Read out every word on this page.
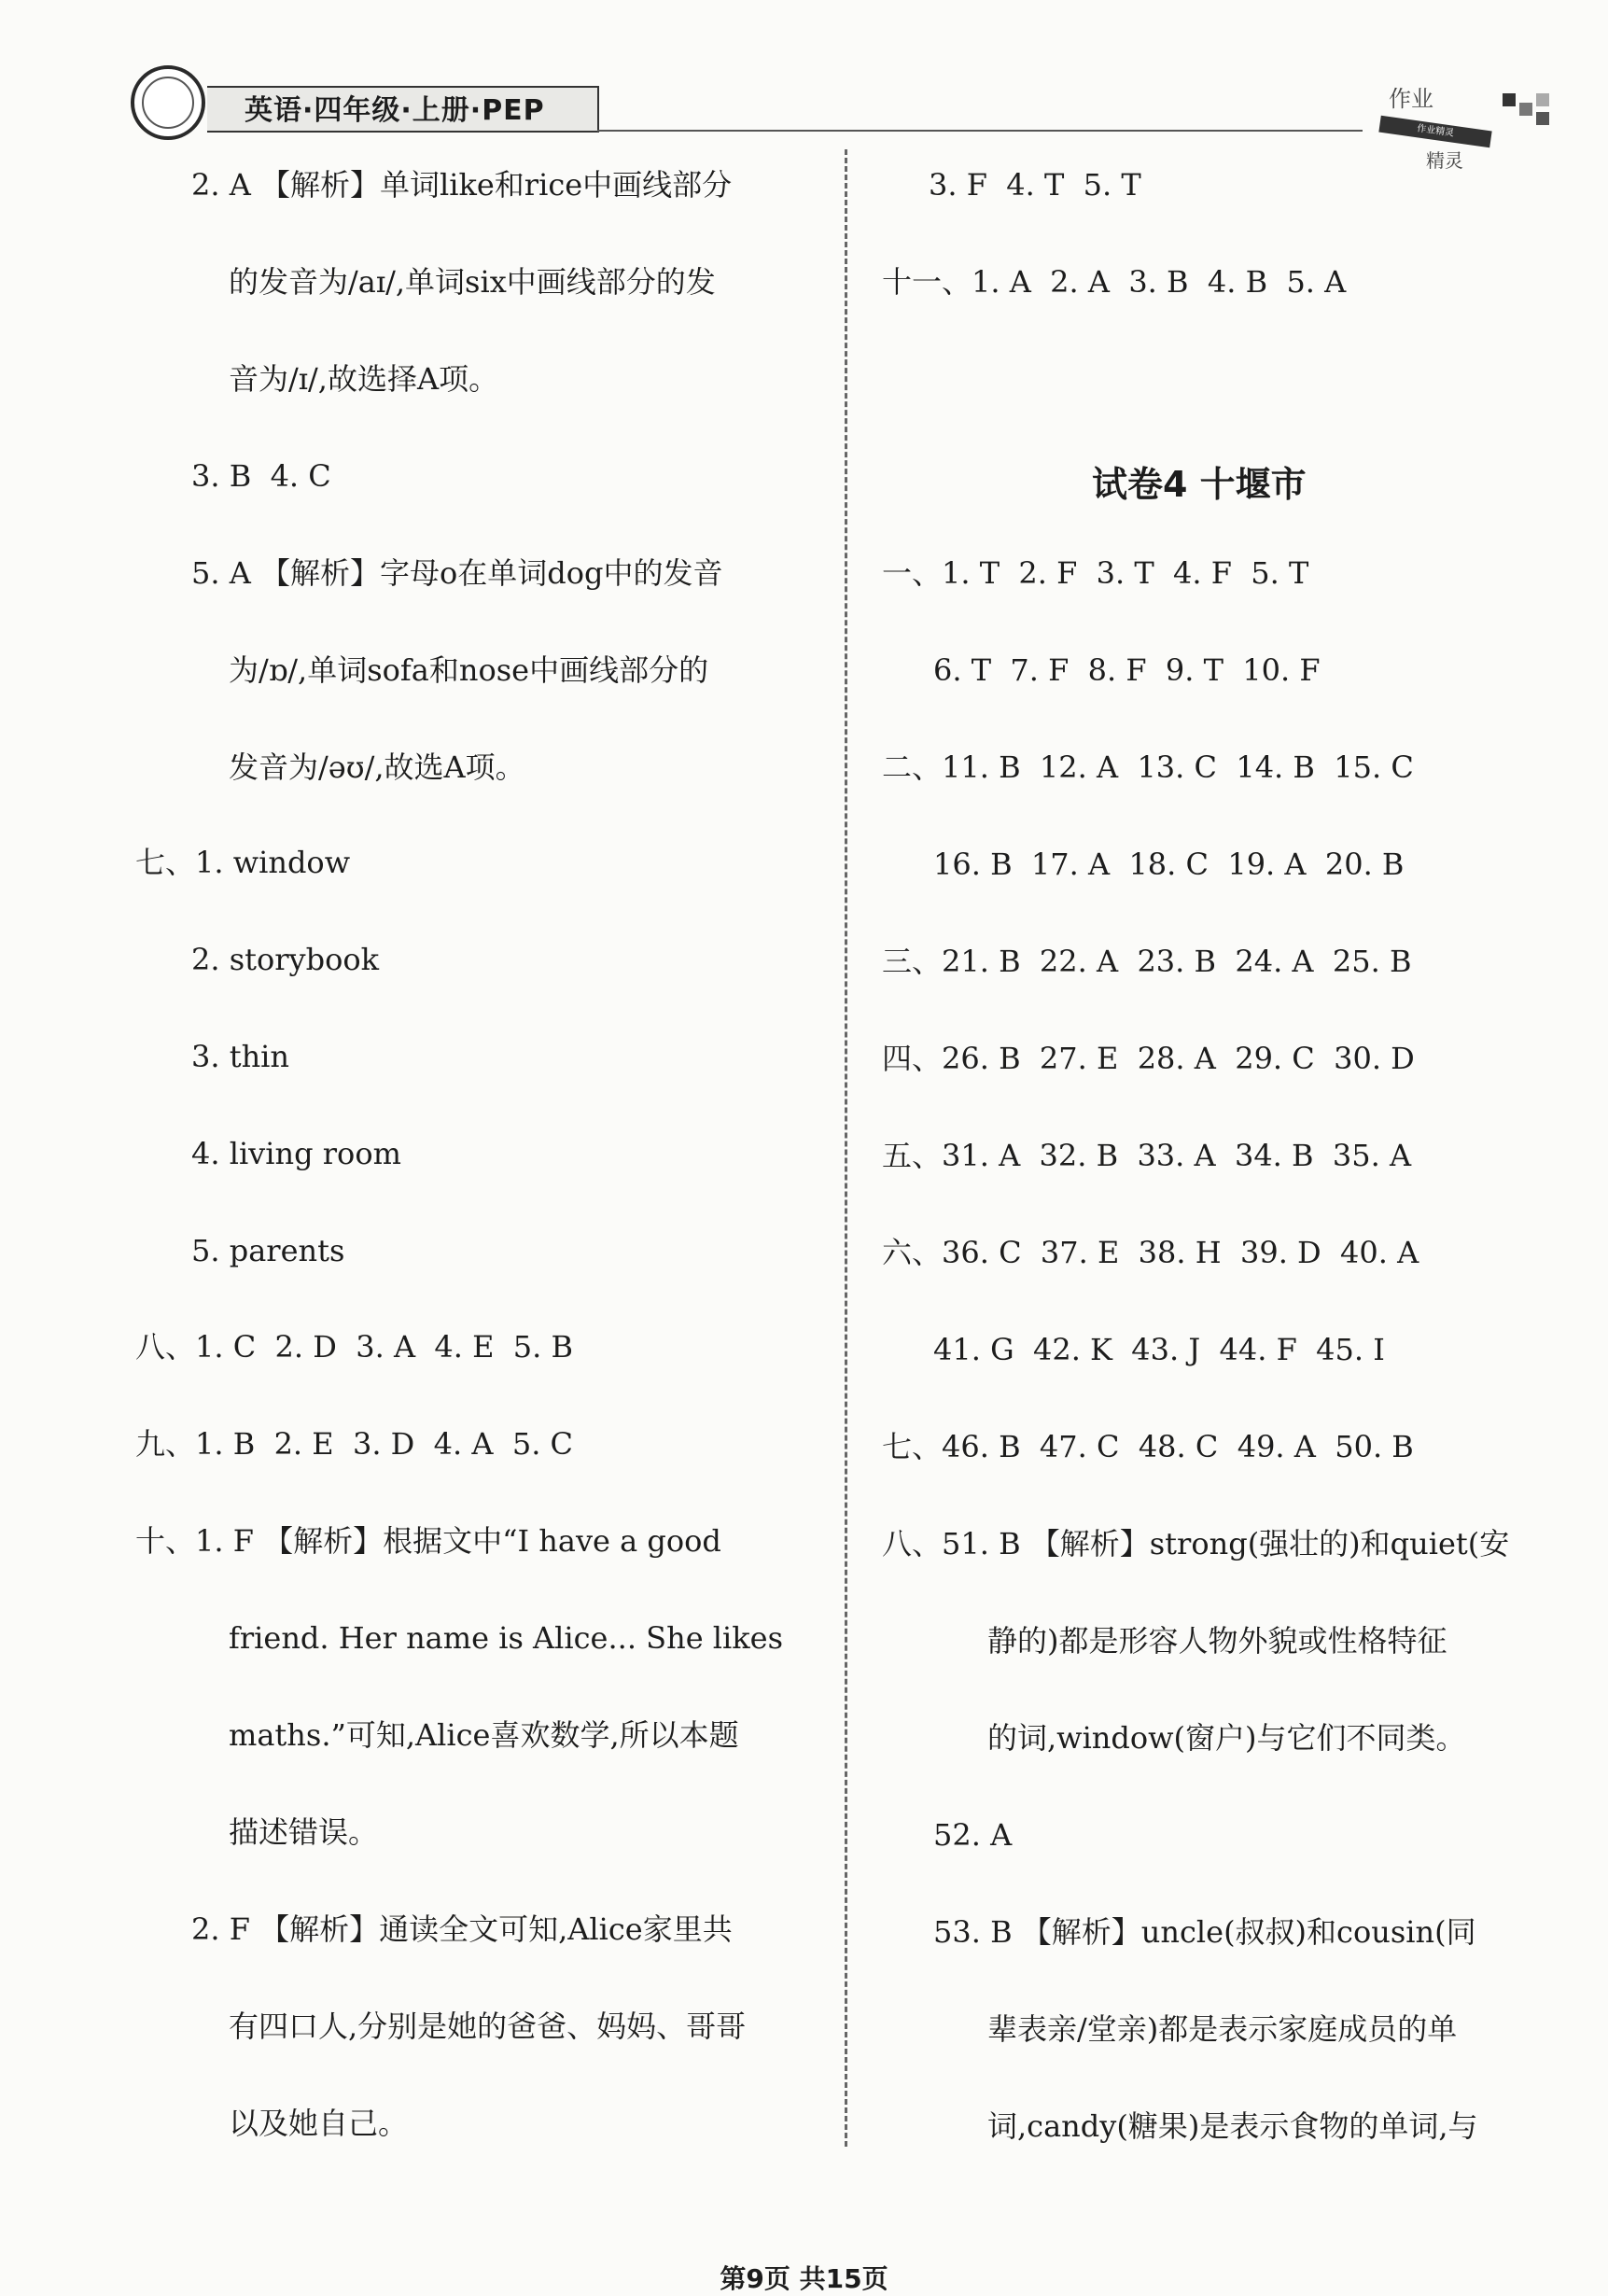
英语·四年级·上册·PEP	作业
作业精灵
精灵
2. A 【解析】单词like和rice中画线部分
的发音为/aɪ/,单词six中画线部分的发
音为/ɪ/,故选择A项。
3. B  4. C
5. A 【解析】字母o在单词dog中的发音
为/ɒ/,单词sofa和nose中画线部分的
发音为/əʊ/,故选A项。
七、1. window
2. storybook
3. thin
4. living room
5. parents
八、1. C  2. D  3. A  4. E  5. B
九、1. B  2. E  3. D  4. A  5. C
十、1. F 【解析】根据文中“I have a good
friend. Her name is Alice... She likes
maths.”可知,Alice喜欢数学,所以本题
描述错误。
2. F 【解析】通读全文可知,Alice家里共
有四口人,分别是她的爸爸、妈妈、哥哥
以及她自己。
3. F  4. T  5. T
十一、1. A  2. A  3. B  4. B  5. A
试卷4 十堰市
一、1. T  2. F  3. T  4. F  5. T
6. T  7. F  8. F  9. T  10. F
二、11. B  12. A  13. C  14. B  15. C
16. B  17. A  18. C  19. A  20. B
三、21. B  22. A  23. B  24. A  25. B
四、26. B  27. E  28. A  29. C  30. D
五、31. A  32. B  33. A  34. B  35. A
六、36. C  37. E  38. H  39. D  40. A
41. G  42. K  43. J  44. F  45. I
七、46. B  47. C  48. C  49. A  50. B
八、51. B 【解析】strong(强壮的)和quiet(安
静的)都是形容人物外貌或性格特征
的词,window(窗户)与它们不同类。
52. A
53. B 【解析】uncle(叔叔)和cousin(同
辈表亲/堂亲)都是表示家庭成员的单
词,candy(糖果)是表示食物的单词,与
第9页 共15页
